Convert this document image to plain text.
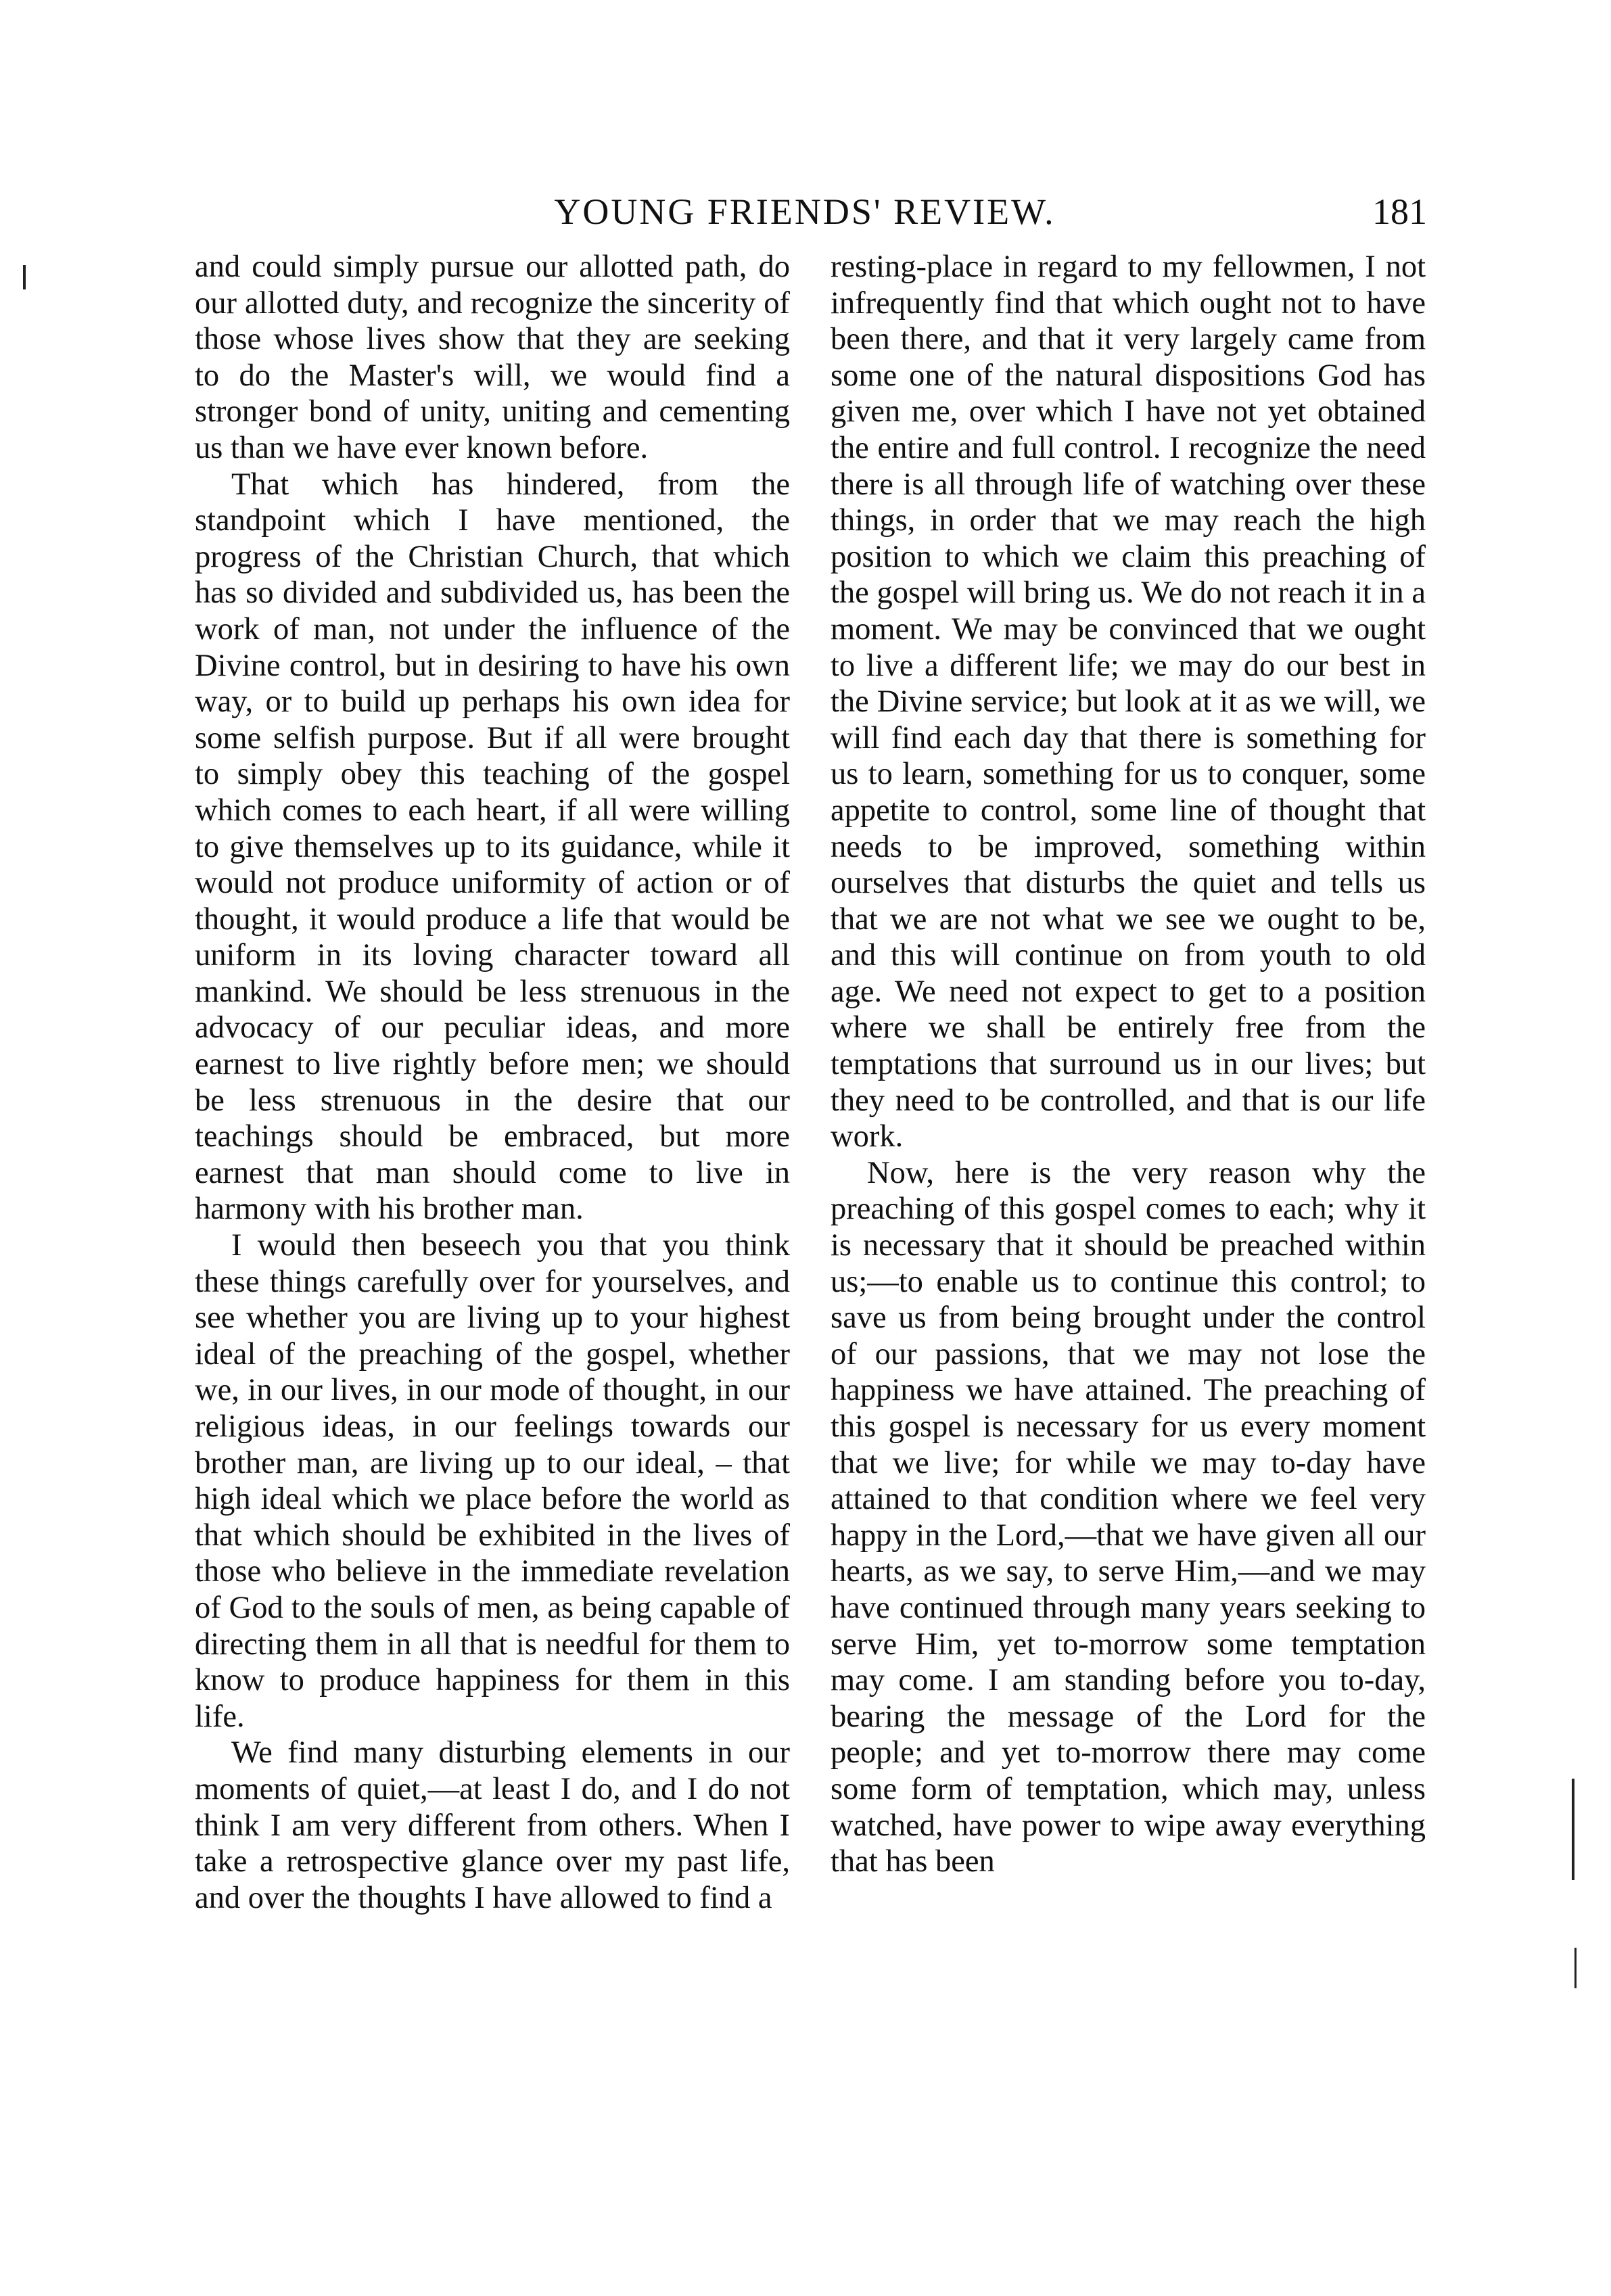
YOUNG FRIENDS' REVIEW.	181

and could simply pursue our allotted path, do our allotted duty, and recognize the sincerity of those whose lives show that they are seeking to do the Master's will, we would find a stronger bond of unity, uniting and cementing us than we have ever known before.

That which has hindered, from the standpoint which I have mentioned, the progress of the Christian Church, that which has so divided and subdivided us, has been the work of man, not under the influence of the Divine control, but in desiring to have his own way, or to build up perhaps his own idea for some selfish purpose. But if all were brought to simply obey this teaching of the gospel which comes to each heart, if all were willing to give themselves up to its guidance, while it would not produce uniformity of action or of thought, it would produce a life that would be uniform in its loving character toward all mankind. We should be less strenuous in the advocacy of our peculiar ideas, and more earnest to live rightly before men; we should be less strenuous in the desire that our teachings should be embraced, but more earnest that man should come to live in harmony with his brother man.

I would then beseech you that you think these things carefully over for yourselves, and see whether you are living up to your highest ideal of the preaching of the gospel, whether we, in our lives, in our mode of thought, in our religious ideas, in our feelings towards our brother man, are living up to our ideal, – that high ideal which we place before the world as that which should be exhibited in the lives of those who believe in the immediate revelation of God to the souls of men, as being capable of directing them in all that is needful for them to know to produce happiness for them in this life.

We find many disturbing elements in our moments of quiet,—at least I do, and I do not think I am very different from others. When I take a retrospective glance over my past life, and over the thoughts I have allowed to find a

resting-place in regard to my fellowmen, I not infrequently find that which ought not to have been there, and that it very largely came from some one of the natural dispositions God has given me, over which I have not yet obtained the entire and full control. I recognize the need there is all through life of watching over these things, in order that we may reach the high position to which we claim this preaching of the gospel will bring us. We do not reach it in a moment. We may be convinced that we ought to live a different life; we may do our best in the Divine service; but look at it as we will, we will find each day that there is something for us to learn, something for us to conquer, some appetite to control, some line of thought that needs to be improved, something within ourselves that disturbs the quiet and tells us that we are not what we see we ought to be, and this will continue on from youth to old age. We need not expect to get to a position where we shall be entirely free from the temptations that surround us in our lives; but they need to be controlled, and that is our life work.

Now, here is the very reason why the preaching of this gospel comes to each; why it is necessary that it should be preached within us;—to enable us to continue this control; to save us from being brought under the control of our passions, that we may not lose the happiness we have attained. The preaching of this gospel is necessary for us every moment that we live; for while we may to-day have attained to that condition where we feel very happy in the Lord,—that we have given all our hearts, as we say, to serve Him,—and we may have continued through many years seeking to serve Him, yet to-morrow some temptation may come. I am standing before you to-day, bearing the message of the Lord for the people; and yet to-morrow there may come some form of temptation, which may, unless watched, have power to wipe away everything that has been
